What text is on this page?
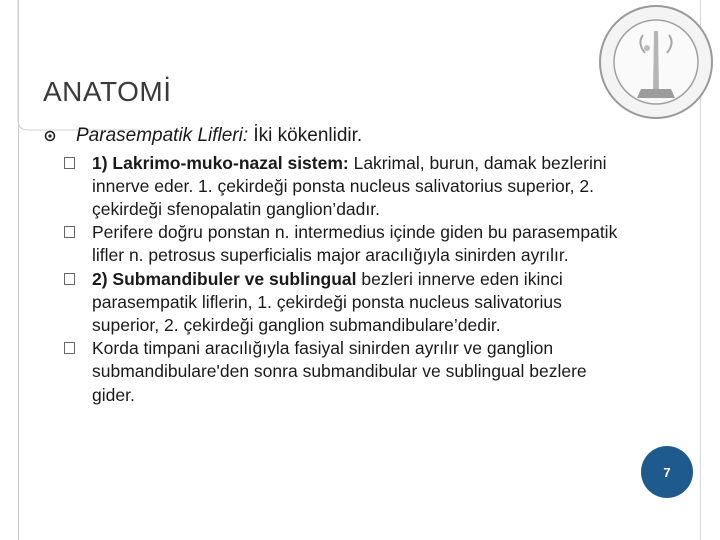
ANATOMİ
Parasempatik Lifleri: İki kökenlidir.
1) Lakrimo-muko-nazal sistem: Lakrimal, burun, damak bezlerini innerve eder. 1. çekirdeği ponsta nucleus salivatorius superior, 2. çekirdeği sfenopalatin ganglion’dadır.
Perifere doğru ponstan n. intermedius içinde giden bu parasempatik lifler n. petrosus superficialis major aracılığıyla sinirden ayrılır.
2) Submandibuler ve sublingual bezleri innerve eden ikinci parasempatik liflerin, 1. çekirdeği ponsta nucleus salivatorius superior, 2. çekirdeği ganglion submandibulare’dedir.
Korda timpani aracılığıyla fasiyal sinirden ayrılır ve ganglion submandibulare'den sonra submandibular ve sublingual bezlere gider.
7
